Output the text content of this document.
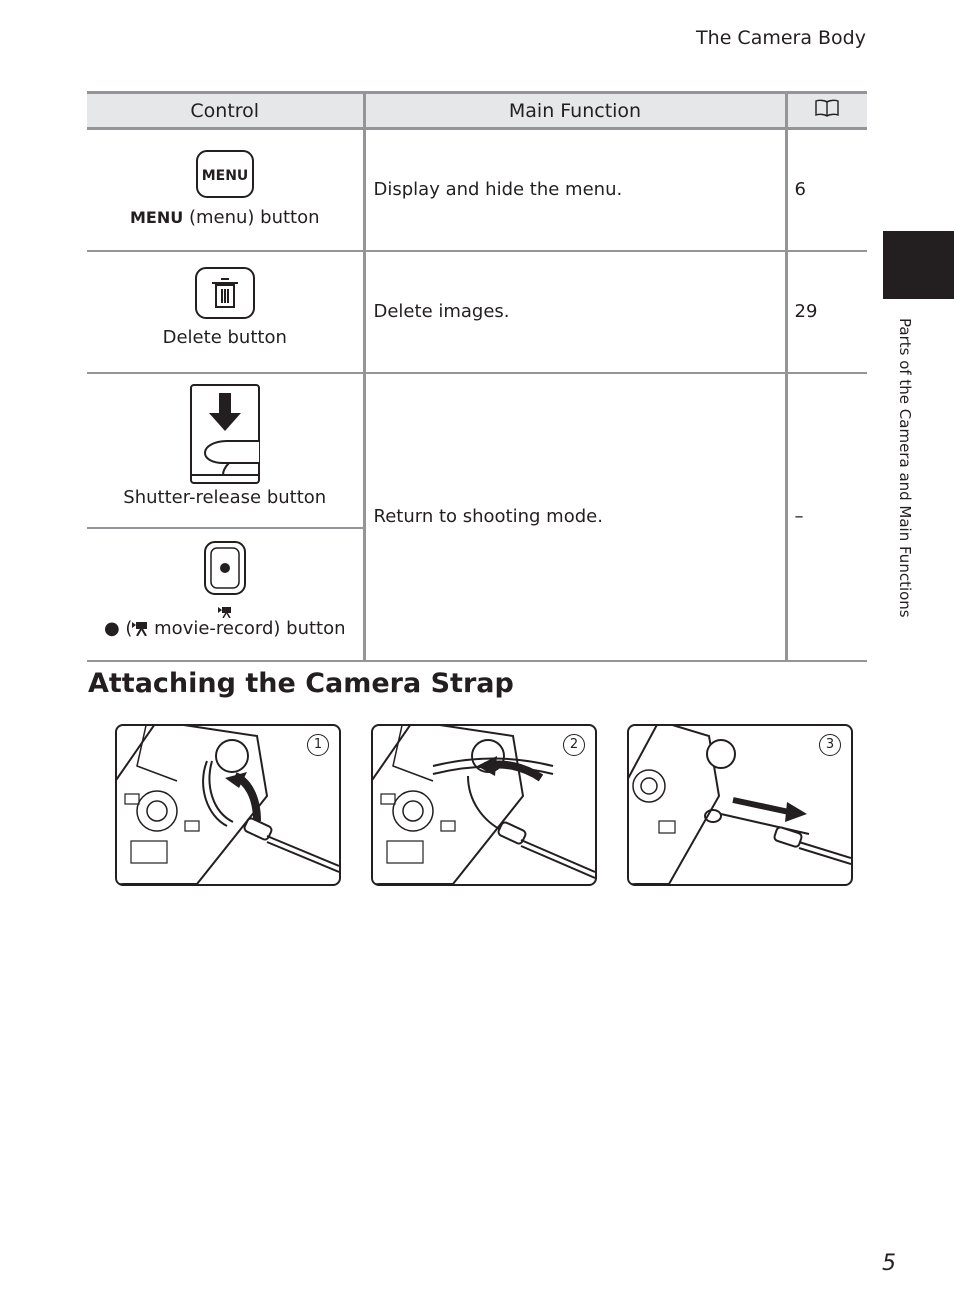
The Camera Body
Parts of the Camera and Main Functions
Control	Main Function	

MENU
MENU (menu) button	Display and hide the menu.	6

Delete button	Delete images.	29

Shutter-release button	Return to shooting mode.	–

● ( movie-record) button		
Attaching the Camera Strap
1	2	3
5
